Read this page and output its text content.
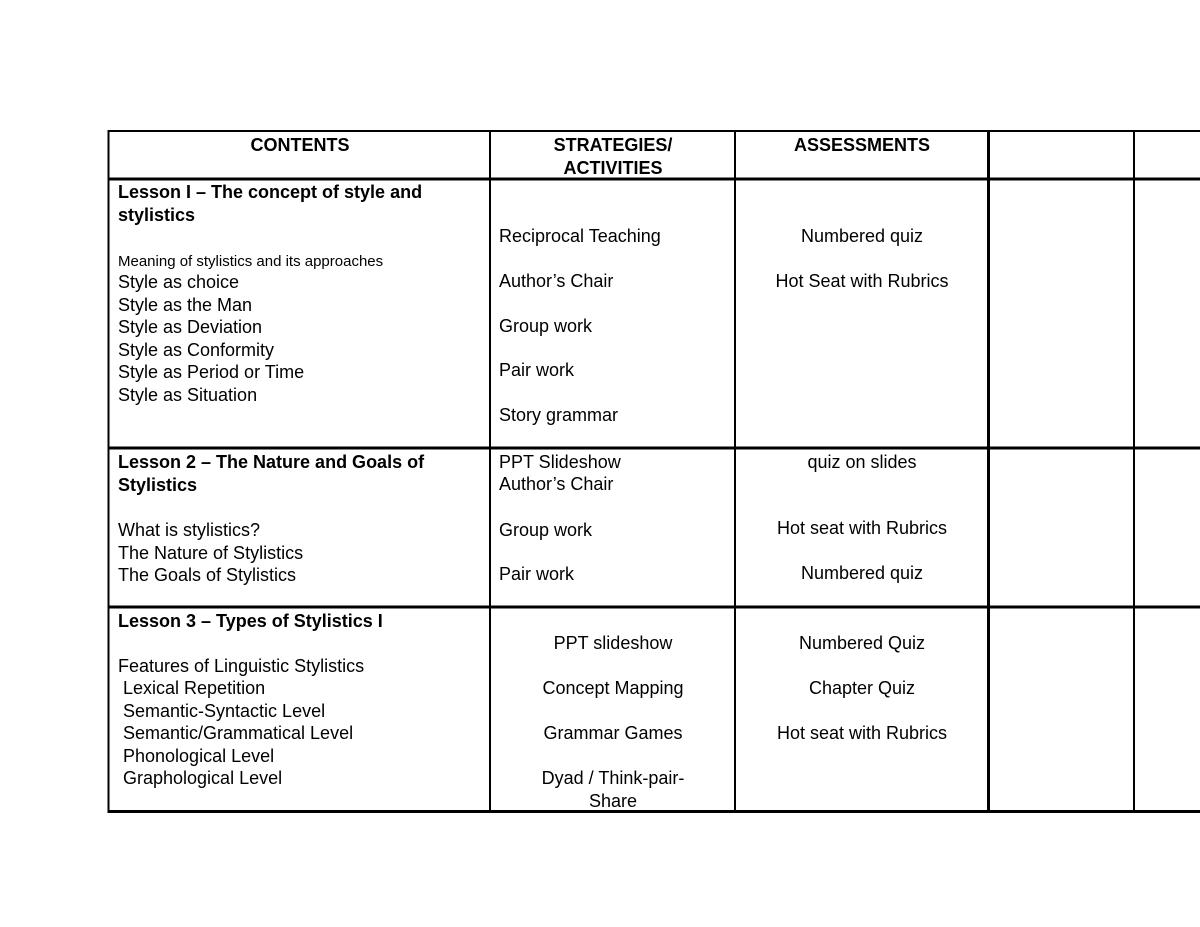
CONTENTS	STRATEGIES/
ACTIVITIES
ASSESSMENTS
Lesson I – The concept of style and
stylistics
Meaning of stylistics and its approaches
Style as choice
Style as the Man
Style as Deviation
Style as Conformity
Style as Period or Time
Style as Situation
Reciprocal Teaching
Author’s Chair
Group work
Pair work
Story grammar
Numbered quiz
Hot Seat with Rubrics
Lesson 2 – The Nature and Goals of
Stylistics
What is stylistics?
The Nature of Stylistics
The Goals of Stylistics
PPT Slideshow
Author’s Chair
Group work
Pair work
quiz on slides
Hot seat with Rubrics
Numbered quiz
Lesson 3 – Types of Stylistics I
Features of Linguistic Stylistics
Lexical Repetition
Semantic-Syntactic Level
Semantic/Grammatical Level
Phonological Level
Graphological Level
PPT slideshow
Concept Mapping
Grammar Games
Dyad / Think-pair-
Share
Numbered Quiz
Chapter Quiz
Hot seat with Rubrics
